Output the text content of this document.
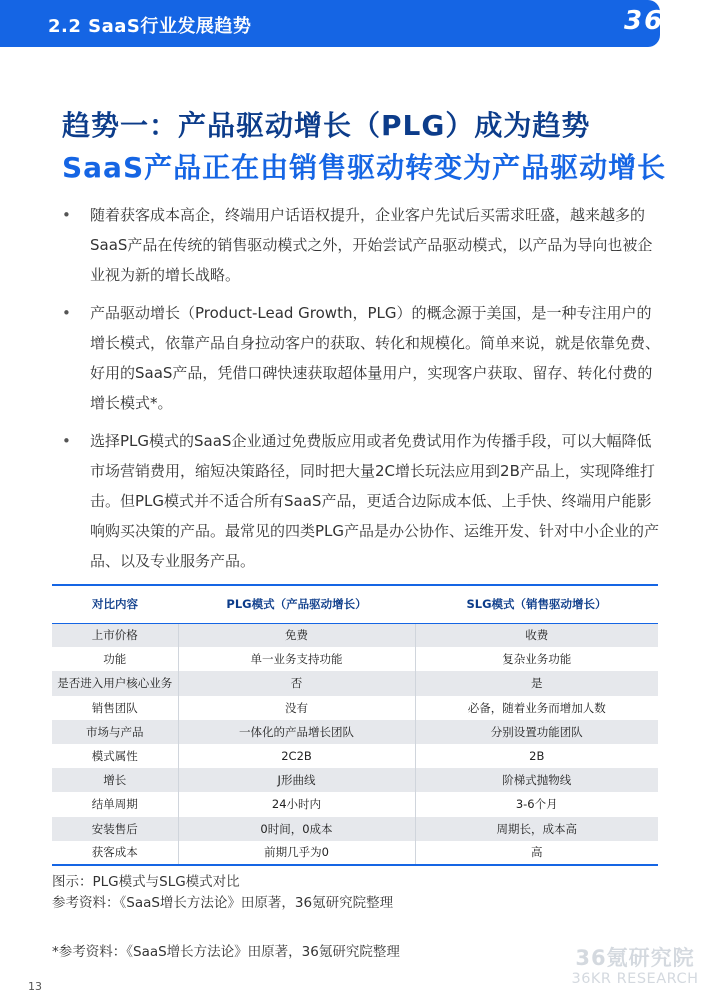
2.2 SaaS行业发展趋势	36Kr
趋势一：产品驱动增长（PLG）成为趋势
SaaS产品正在由销售驱动转变为产品驱动增长
• 随着获客成本高企，终端用户话语权提升，企业客户先试后买需求旺盛，越来越多的SaaS产品在传统的销售驱动模式之外，开始尝试产品驱动模式，以产品为导向也被企业视为新的增长战略。
• 产品驱动增长（Product-Lead Growth，PLG）的概念源于美国，是一种专注用户的增长模式，依靠产品自身拉动客户的获取、转化和规模化。简单来说，就是依靠免费、好用的SaaS产品，凭借口碑快速获取超体量用户，实现客户获取、留存、转化付费的增长模式*。
• 选择PLG模式的SaaS企业通过免费版应用或者免费试用作为传播手段，可以大幅降低市场营销费用，缩短决策路径，同时把大量2C增长玩法应用到2B产品上，实现降维打击。但PLG模式并不适合所有SaaS产品，更适合边际成本低、上手快、终端用户能影响购买决策的产品。最常见的四类PLG产品是办公协作、运维开发、针对中小企业的产品、以及专业服务产品。
对比内容	PLG模式（产品驱动增长）	SLG模式（销售驱动增长）
上市价格	免费	收费
功能	单一业务支持功能	复杂业务功能
是否进入用户核心业务	否	是
销售团队	没有	必备，随着业务而增加人数
市场与产品	一体化的产品增长团队	分别设置功能团队
模式属性	2C2B	2B
增长	J形曲线	阶梯式抛物线
结单周期	24小时内	3-6个月
安装售后	0时间，0成本	周期长，成本高
获客成本	前期几乎为0	高
图示：PLG模式与SLG模式对比
参考资料：《SaaS增长方法论》田原著，36氪研究院整理
*参考资料：《SaaS增长方法论》田原著，36氪研究院整理
13
36氪研究院
36KR RESEARCH
